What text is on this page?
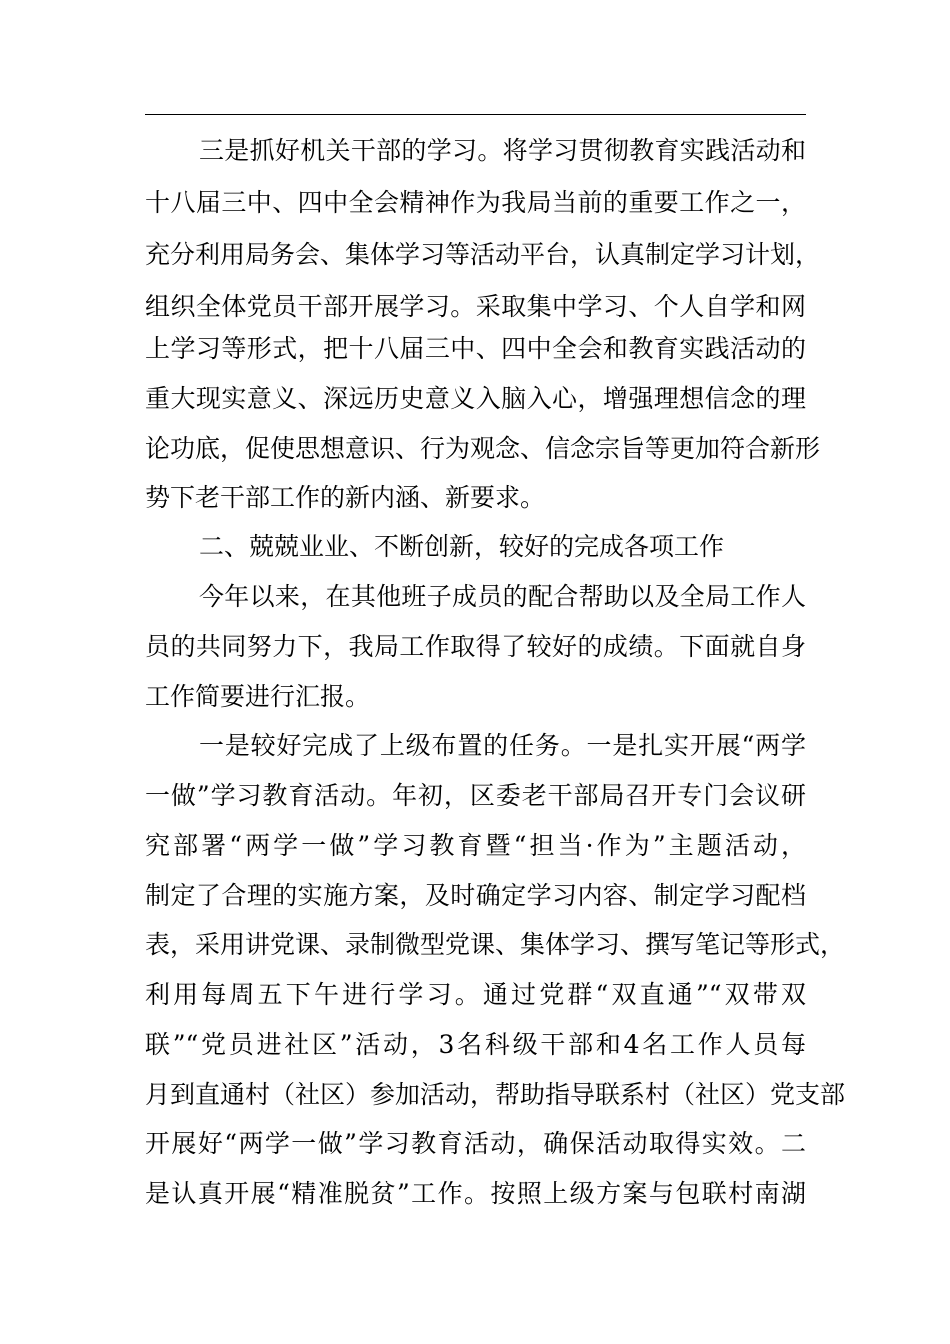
三是抓好机关干部的学习。将学习贯彻教育实践活动和
十八届三中、四中全会精神作为我局当前的重要工作之一，
充分利用局务会、集体学习等活动平台，认真制定学习计划，
组织全体党员干部开展学习。采取集中学习、个人自学和网
上学习等形式，把十八届三中、四中全会和教育实践活动的
重大现实意义、深远历史意义入脑入心，增强理想信念的理
论功底，促使思想意识、行为观念、信念宗旨等更加符合新形
势下老干部工作的新内涵、新要求。
二、兢兢业业、不断创新，较好的完成各项工作
今年以来，在其他班子成员的配合帮助以及全局工作人
员的共同努力下，我局工作取得了较好的成绩。下面就自身
工作简要进行汇报。
一是较好完成了上级布置的任务。一是扎实开展“两学
一做”学习教育活动。年初，区委老干部局召开专门会议研
究部署“两学一做”学习教育暨“担当·作为”主题活动，
制定了合理的实施方案，及时确定学习内容、制定学习配档
表，采用讲党课、录制微型党课、集体学习、撰写笔记等形式，
利用每周五下午进行学习。通过党群“双直通”“双带双
联”“党员进社区”活动，3名科级干部和4名工作人员每
月到直通村（社区）参加活动，帮助指导联系村（社区）党支部
开展好“两学一做”学习教育活动，确保活动取得实效。二
是认真开展“精准脱贫”工作。按照上级方案与包联村南湖
